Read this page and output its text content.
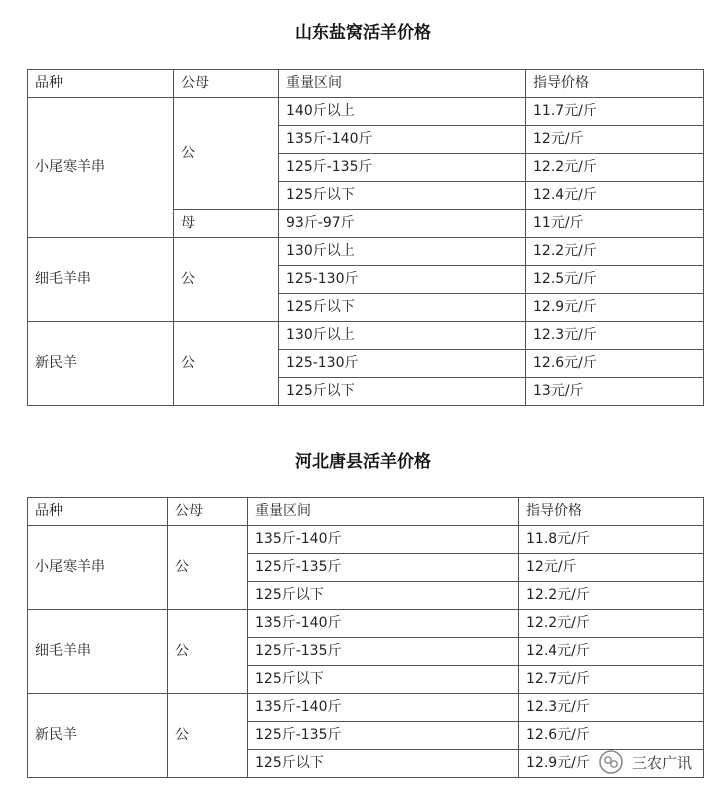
山东盐窝活羊价格
品种	公母	重量区间	指导价格
小尾寒羊串	公	140斤以上	11.7元/斤
		135斤-140斤	12元/斤
		125斤-135斤	12.2元/斤
		125斤以下	12.4元/斤
	母	93斤-97斤	11元/斤
细毛羊串	公	130斤以上	12.2元/斤
		125-130斤	12.5元/斤
		125斤以下	12.9元/斤
新民羊	公	130斤以上	12.3元/斤
		125-130斤	12.6元/斤
		125斤以下	13元/斤
河北唐县活羊价格
品种	公母	重量区间	指导价格
小尾寒羊串	公	135斤-140斤	11.8元/斤
		125斤-135斤	12元/斤
		125斤以下	12.2元/斤
细毛羊串	公	135斤-140斤	12.2元/斤
		125斤-135斤	12.4元/斤
		125斤以下	12.7元/斤
新民羊	公	135斤-140斤	12.3元/斤
		125斤-135斤	12.6元/斤
		125斤以下	12.9元/斤	三农广讯
